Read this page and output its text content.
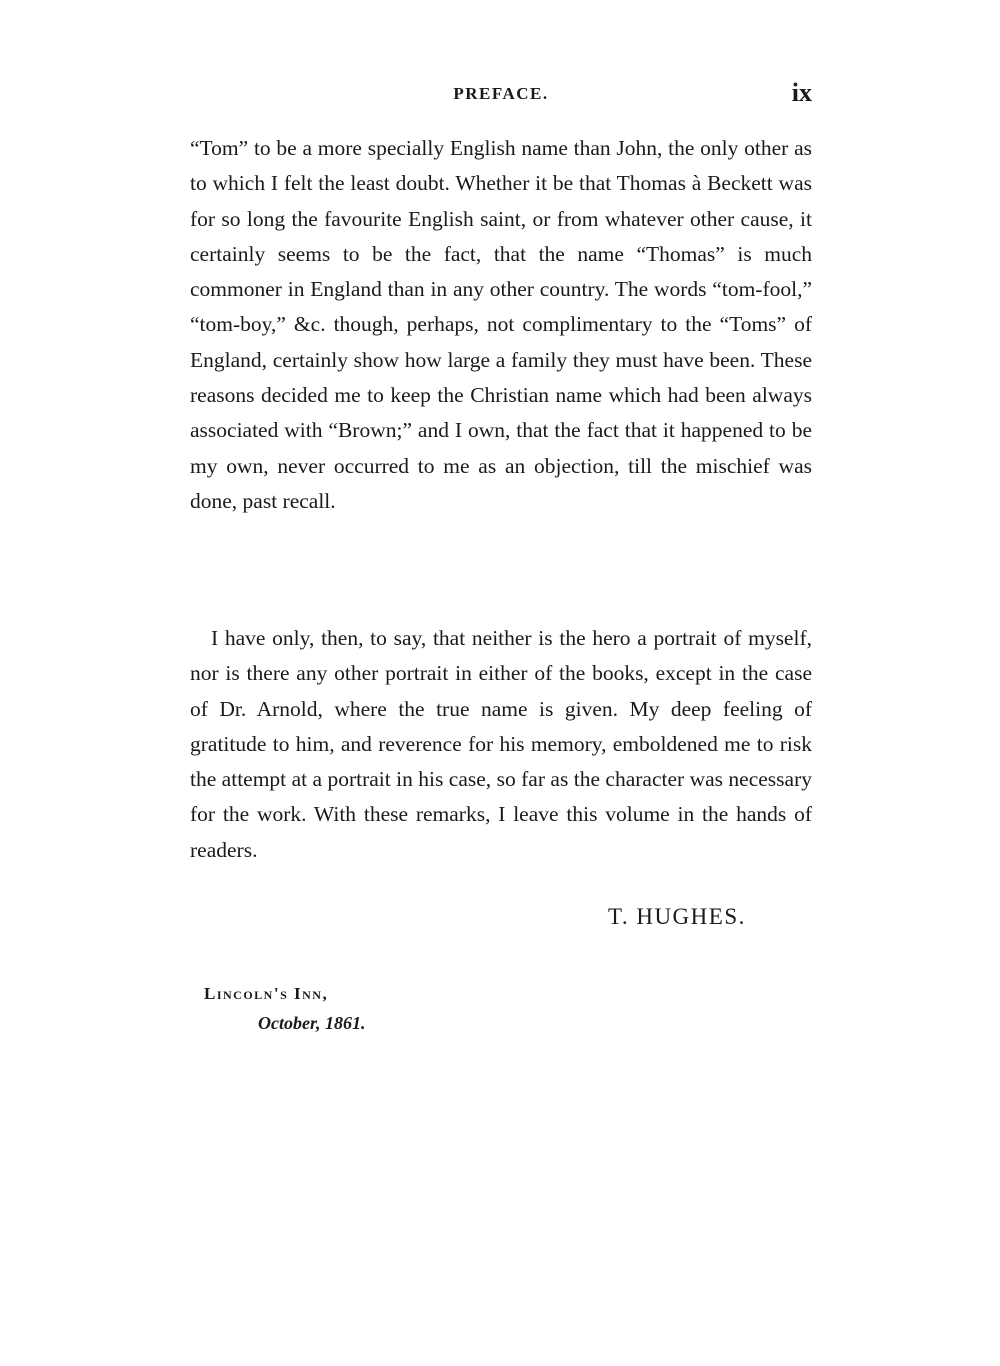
PREFACE.	ix

“Tom” to be a more specially English name than John, the only other as to which I felt the least doubt. Whether it be that Thomas à Beckett was for so long the favourite English saint, or from whatever other cause, it certainly seems to be the fact, that the name “Thomas” is much commoner in England than in any other country. The words “tom-fool,” “tom-boy,” &c. though, perhaps, not complimentary to the “Toms” of England, certainly show how large a family they must have been. These reasons decided me to keep the Christian name which had been always associated with “Brown;” and I own, that the fact that it happened to be my own, never occurred to me as an objection, till the mischief was done, past recall.

I have only, then, to say, that neither is the hero a portrait of myself, nor is there any other portrait in either of the books, except in the case of Dr. Arnold, where the true name is given. My deep feeling of gratitude to him, and reverence for his memory, emboldened me to risk the attempt at a portrait in his case, so far as the character was necessary for the work. With these remarks, I leave this volume in the hands of readers.

T. HUGHES.
Lincoln's Inn,
October, 1861.
